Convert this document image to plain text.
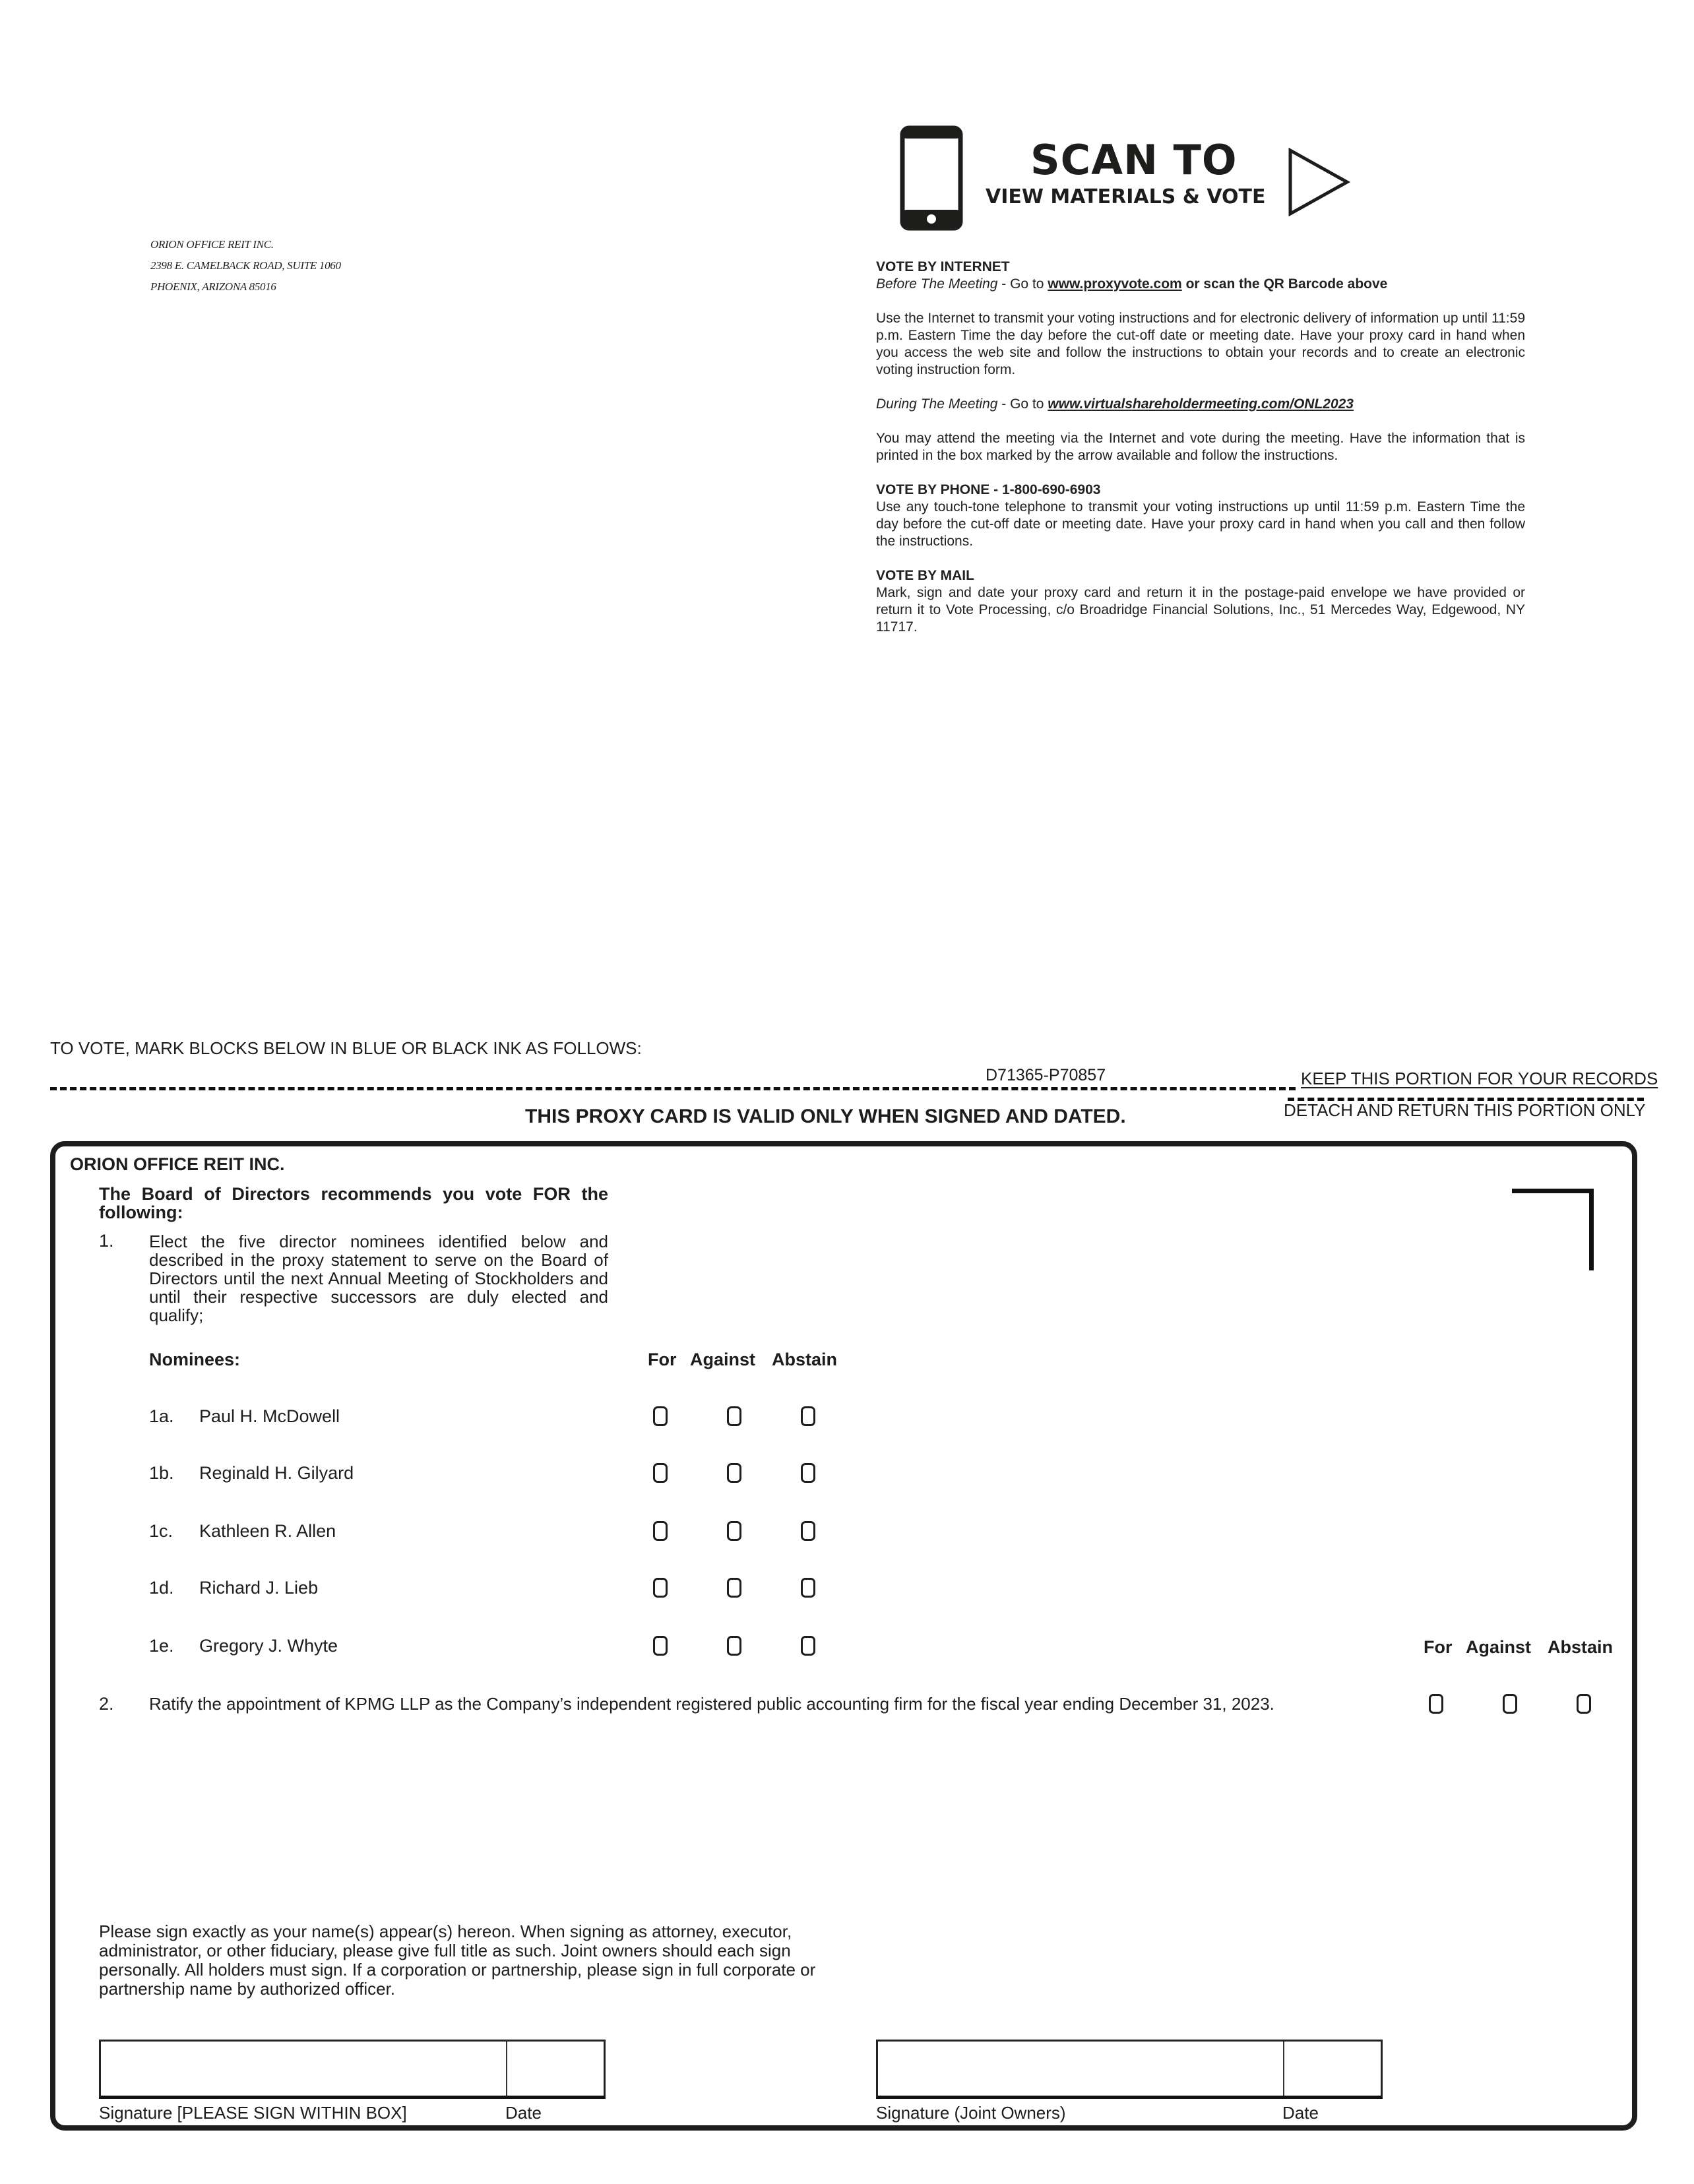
ORION OFFICE REIT INC.
2398 E. CAMELBACK ROAD, SUITE 1060
PHOENIX, ARIZONA 85016
SCAN TO
VIEW MATERIALS & VOTE
VOTE BY INTERNET
Before The Meeting - Go to www.proxyvote.com or scan the QR Barcode above
Use the Internet to transmit your voting instructions and for electronic delivery of information up until 11:59 p.m. Eastern Time the day before the cut-off date or meeting date. Have your proxy card in hand when you access the web site and follow the instructions to obtain your records and to create an electronic voting instruction form.
During The Meeting - Go to www.virtualshareholdermeeting.com/ONL2023
You may attend the meeting via the Internet and vote during the meeting. Have the information that is printed in the box marked by the arrow available and follow the instructions.
VOTE BY PHONE - 1-800-690-6903
Use any touch-tone telephone to transmit your voting instructions up until 11:59 p.m. Eastern Time the day before the cut-off date or meeting date. Have your proxy card in hand when you call and then follow the instructions.
VOTE BY MAIL
Mark, sign and date your proxy card and return it in the postage-paid envelope we have provided or return it to Vote Processing, c/o Broadridge Financial Solutions, Inc., 51 Mercedes Way, Edgewood, NY 11717.
TO VOTE, MARK BLOCKS BELOW IN BLUE OR BLACK INK AS FOLLOWS:
D71365-P70857	KEEP THIS PORTION FOR YOUR RECORDS
DETACH AND RETURN THIS PORTION ONLY
THIS PROXY CARD IS VALID ONLY WHEN SIGNED AND DATED.
ORION OFFICE REIT INC.
The Board of Directors recommends you vote FOR the following:
1. Elect the five director nominees identified below and described in the proxy statement to serve on the Board of Directors until the next Annual Meeting of Stockholders and until their respective successors are duly elected and qualify;
Nominees:	For Against Abstain
1a. Paul H. McDowell
1b. Reginald H. Gilyard
1c. Kathleen R. Allen
1d. Richard J. Lieb
1e. Gregory J. Whyte	For Against Abstain
2. Ratify the appointment of KPMG LLP as the Company’s independent registered public accounting firm for the fiscal year ending December 31, 2023.
Please sign exactly as your name(s) appear(s) hereon. When signing as attorney, executor, administrator, or other fiduciary, please give full title as such. Joint owners should each sign personally. All holders must sign. If a corporation or partnership, please sign in full corporate or partnership name by authorized officer.
Signature [PLEASE SIGN WITHIN BOX]	Date	Signature (Joint Owners)	Date
